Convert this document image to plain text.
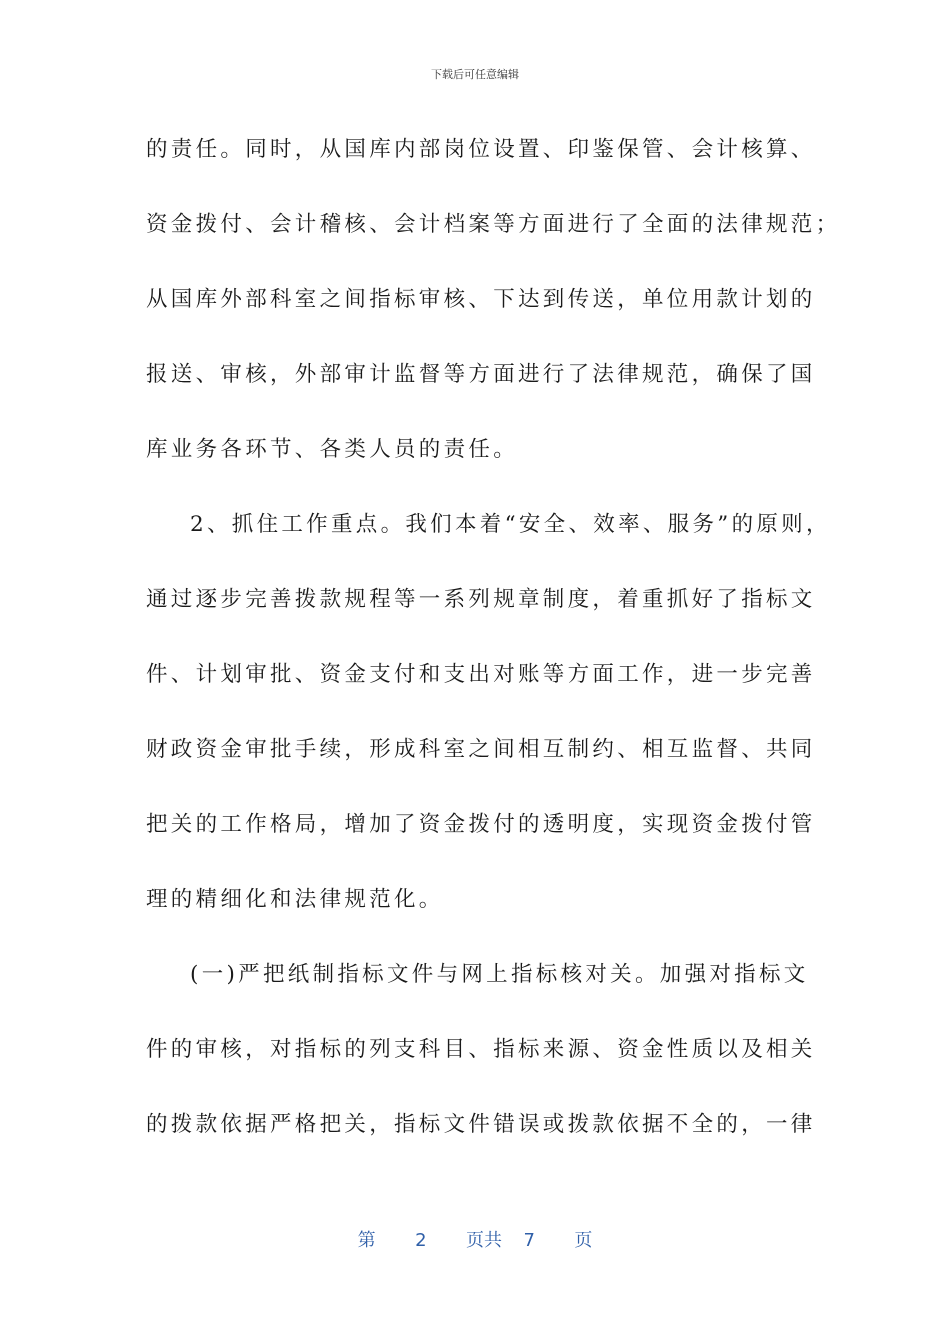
下载后可任意编辑
的责任。同时，从国库内部岗位设置、印鉴保管、会计核算、
资金拨付、会计稽核、会计档案等方面进行了全面的法律规范；
从国库外部科室之间指标审核、下达到传送，单位用款计划的
报送、审核，外部审计监督等方面进行了法律规范，确保了国
库业务各环节、各类人员的责任。
2、抓住工作重点。我们本着“安全、效率、服务”的原则，
通过逐步完善拨款规程等一系列规章制度，着重抓好了指标文
件、计划审批、资金支付和支出对账等方面工作，进一步完善
财政资金审批手续，形成科室之间相互制约、相互监督、共同
把关的工作格局，增加了资金拨付的透明度，实现资金拨付管
理的精细化和法律规范化。
(一)严把纸制指标文件与网上指标核对关。加强对指标文
件的审核，对指标的列支科目、指标来源、资金性质以及相关
的拨款依据严格把关，指标文件错误或拨款依据不全的，一律
第 2 页共 7 页
